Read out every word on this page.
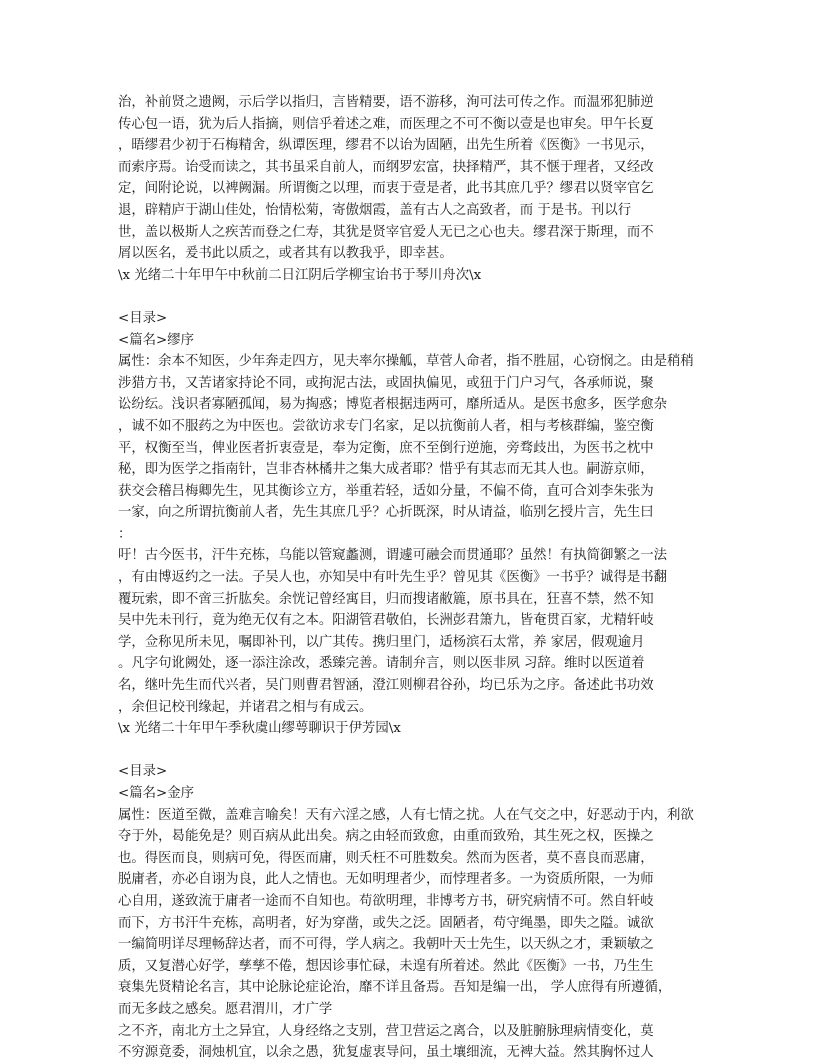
治，补前贤之遗阙，示后学以指归，言皆精要，语不游移，洵可法可传之作。而温邪犯肺逆
传心包一语，犹为后人指摘，则信乎着述之难，而医理之不可不衡以壹是也审矣。甲午长夏
，晤缪君少初于石梅精舍，纵谭医理，缪君不以诒为固陋，出先生所着《医衡》一书见示，
而索序焉。诒受而读之，其书虽采自前人，而纲罗宏富，抉择精严，其不惬于理者，又经改
定，间附论说，以裨阙漏。所谓衡之以理，而衷于壹是者，此书其庶几乎？缪君以贤宰官乞
退，辟精庐于湖山佳处，怡情松菊，寄傲烟霞，盖有古人之高致者，而 于是书。刊以行
世，盖以极斯人之疾苦而登之仁寿，其犹是贤宰官爱人无已之心也夫。缪君深于斯理，而不
屑以医名，爰书此以质之，或者其有以教我乎，即幸甚。
\x 光绪二十年甲午中秋前二日江阴后学柳宝诒书于琴川舟次\x
<目录>
<篇名>缪序
属性：余本不知医，少年奔走四方，见夫率尔操觚，草菅人命者，指不胜屈，心窃悯之。由是稍稍
涉猎方书，又苦诸家持论不同，或拘泥古法，或固执偏见，或狃于门户习气，各承师说，聚
讼纷纭。浅识者寡陋孤闻，易为掏惑；博览者根据违两可，靡所适从。是医书愈多，医学愈杂
，诚不如不服药之为中医也。尝欲访求专门名家，足以抗衡前人者，相与考核群编，鉴空衡
平，权衡至当，俾业医者折衷壹是，奉为定衡，庶不至倒行逆施，旁骛歧出，为医书之枕中
秘，即为医学之指南针，岂非杏林橘井之集大成者耶？惜乎有其志而无其人也。嗣游京师，
获交会稽吕梅卿先生，见其衡诊立方，举重若轻，适如分量，不偏不倚，直可合刘李朱张为
一家，向之所谓抗衡前人者，先生其庶几乎？心折既深，时从请益，临别乞授片言，先生曰
：
吁！古今医书，汗牛充栋，乌能以管窥蠡测，谓遽可融会而贯通耶？虽然！有执简御繁之一法
，有由博返约之一法。子吴人也，亦知吴中有叶先生乎？曾见其《医衡》一书乎？诚得是书翻
覆玩索，即不啻三折肱矣。余恍记曾经寓目，归而搜诸敝簏，原书具在，狂喜不禁，然不知
吴中先未刊行，竟为绝无仅有之本。阳湖管君敬伯，长洲彭君箫九，皆奄贯百家，尤精轩岐
学，佥称见所未见，嘱即补刊，以广其传。携归里门，适杨滨石太常，养 家居，假观逾月
。凡字句讹阙处，逐一添注涂改，悉臻完善。请制弁言，则以医非夙 习辞。维时以医道着
名，继叶先生而代兴者，吴门则曹君智涵，澄江则柳君谷孙，均已乐为之序。备述此书功效
，余但记校刊缘起，并诸君之相与有成云。
\x 光绪二十年甲午季秋虞山缪萼聊识于伊芳园\x
<目录>
<篇名>金序
属性：医道至微，盖难言喻矣！天有六淫之感，人有七情之扰。人在气交之中，好恶动于内，利欲
夺于外，曷能免是？则百病从此出矣。病之由轻而致愈，由重而致殆，其生死之权，医操之
也。得医而良，则病可免，得医而庸，则夭枉不可胜数矣。然而为医者，莫不喜良而恶庸，
脱庸者，亦必自诩为良，此人之情也。无如明理者少，而悖理者多。一为资质所限，一为师
心自用，遂致流于庸者一途而不自知也。苟欲明理，非博考方书，研究病情不可。然自轩岐
而下，方书汗牛充栋，高明者，好为穿凿，或失之泛。固陋者，苟守绳墨，即失之隘。诚欲
一编简明详尽理畅辞达者，而不可得，学人病之。我朝叶天士先生，以天纵之才，秉颖敏之
质，又复潜心好学，孳孳不倦，想因诊事忙碌，未遑有所着述。然此《医衡》一书，乃生生
衰集先贤精论名言，其中论脉论症论治，靡不详且备焉。吾知是编一出， 学人庶得有所遵循，
而无多歧之感矣。愿君渭川，才广学
之不齐，南北方土之异宜，人身经络之支别，营卫营运之离合，以及脏腑脉理病情变化，莫
不穷源竟委，洞烛机宜，以余之愚，犹复虚衷导问，虽土壤细流，无裨大益。然其胸怀过人
